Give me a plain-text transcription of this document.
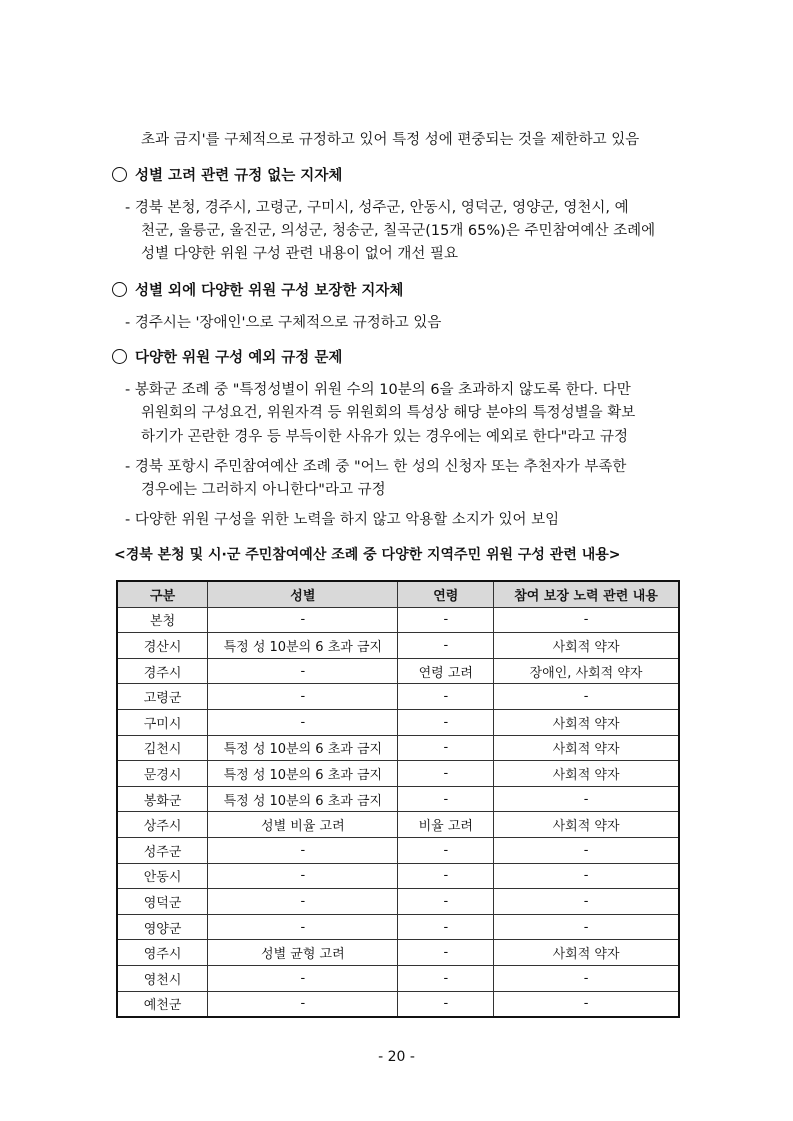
초과 금지'를 구체적으로 규정하고 있어 특정 성에 편중되는 것을 제한하고 있음
성별 고려 관련 규정 없는 지자체
- 경북 본청, 경주시, 고령군, 구미시, 성주군, 안동시, 영덕군, 영양군, 영천시, 예
천군, 울릉군, 울진군, 의성군, 청송군, 칠곡군(15개 65%)은 주민참여예산 조례에
성별 다양한 위원 구성 관련 내용이 없어 개선 필요
성별 외에 다양한 위원 구성 보장한 지자체
- 경주시는 '장애인'으로 구체적으로 규정하고 있음
다양한 위원 구성 예외 규정 문제
- 봉화군 조례 중 "특정성별이 위원 수의 10분의 6을 초과하지 않도록 한다. 다만
위원회의 구성요건, 위원자격 등 위원회의 특성상 해당 분야의 특정성별을 확보
하기가 곤란한 경우 등 부득이한 사유가 있는 경우에는 예외로 한다"라고 규정
- 경북 포항시 주민참여예산 조례 중 "어느 한 성의 신청자 또는 추천자가 부족한
경우에는 그러하지 아니한다"라고 규정
- 다양한 위원 구성을 위한 노력을 하지 않고 악용할 소지가 있어 보임
<경북 본청 및 시·군 주민참여예산 조례 중 다양한 지역주민 위원 구성 관련 내용>
구분	성별	연령	참여 보장 노력 관련 내용
본청	-	-	-
경산시	특정 성 10분의 6 초과 금지	-	사회적 약자
경주시	-	연령 고려	장애인, 사회적 약자
고령군	-	-	-
구미시	-	-	사회적 약자
김천시	특정 성 10분의 6 초과 금지	-	사회적 약자
문경시	특정 성 10분의 6 초과 금지	-	사회적 약자
봉화군	특정 성 10분의 6 초과 금지	-	-
상주시	성별 비율 고려	비율 고려	사회적 약자
성주군	-	-	-
안동시	-	-	-
영덕군	-	-	-
영양군	-	-	-
영주시	성별 균형 고려	-	사회적 약자
영천시	-	-	-
예천군	-	-	-
- 20 -
